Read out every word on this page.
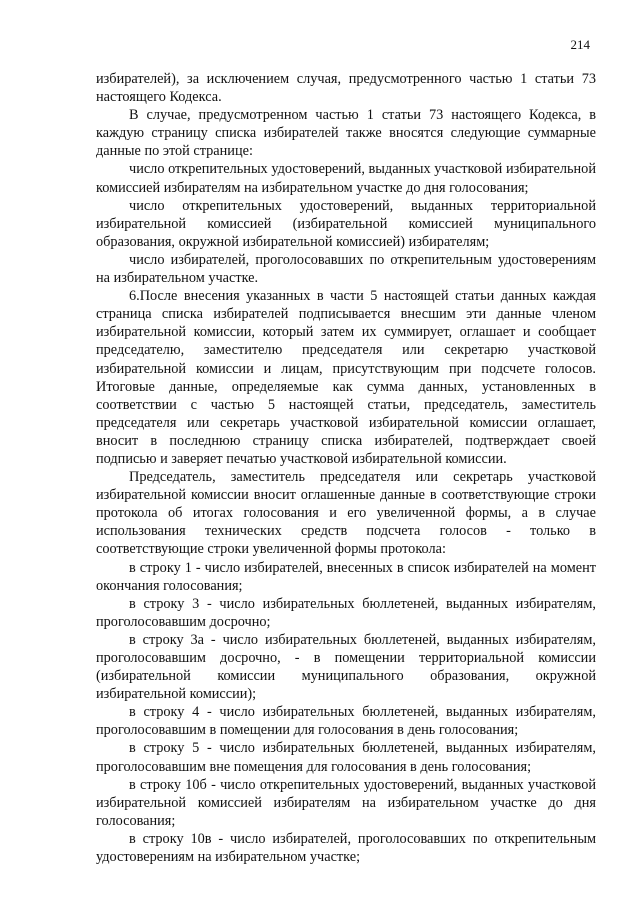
214

избирателей), за исключением случая, предусмотренного частью 1 статьи 73 настоящего Кодекса.

В случае, предусмотренном частью 1 статьи 73 настоящего Кодекса, в каждую страницу списка избирателей также вносятся следующие суммарные данные по этой странице:

число открепительных удостоверений, выданных участковой избирательной комиссией избирателям на избирательном участке до дня голосования;

число открепительных удостоверений, выданных территориальной избирательной комиссией (избирательной комиссией муниципального образования, окружной избирательной комиссией) избирателям;

число избирателей, проголосовавших по открепительным удостоверениям на избирательном участке.

6.После внесения указанных в части 5 настоящей статьи данных каждая страница списка избирателей подписывается внесшим эти данные членом избирательной комиссии, который затем их суммирует, оглашает и сообщает председателю, заместителю председателя или секретарю участковой избирательной комиссии и лицам, присутствующим при подсчете голосов. Итоговые данные, определяемые как сумма данных, установленных в соответствии с частью 5 настоящей статьи, председатель, заместитель председателя или секретарь участковой избирательной комиссии оглашает, вносит в последнюю страницу списка избирателей, подтверждает своей подписью и заверяет печатью участковой избирательной комиссии.

Председатель, заместитель председателя или секретарь участковой избирательной комиссии вносит оглашенные данные в соответствующие строки протокола об итогах голосования и его увеличенной формы, а в случае использования технических средств подсчета голосов - только в соответствующие строки увеличенной формы протокола:

в строку 1 - число избирателей, внесенных в список избирателей на момент окончания голосования;

в строку 3 - число избирательных бюллетеней, выданных избирателям, проголосовавшим досрочно;

в строку 3а - число избирательных бюллетеней, выданных избирателям, проголосовавшим досрочно, - в помещении территориальной комиссии (избирательной комиссии муниципального образования, окружной избирательной комиссии);

в строку 4 - число избирательных бюллетеней, выданных избирателям, проголосовавшим в помещении для голосования в день голосования;

в строку 5 - число избирательных бюллетеней, выданных избирателям, проголосовавшим вне помещения для голосования в день голосования;

в строку 10б - число открепительных удостоверений, выданных участковой избирательной комиссией избирателям на избирательном участке до дня голосования;

в строку 10в - число избирателей, проголосовавших по открепительным удостоверениям на избирательном участке;
